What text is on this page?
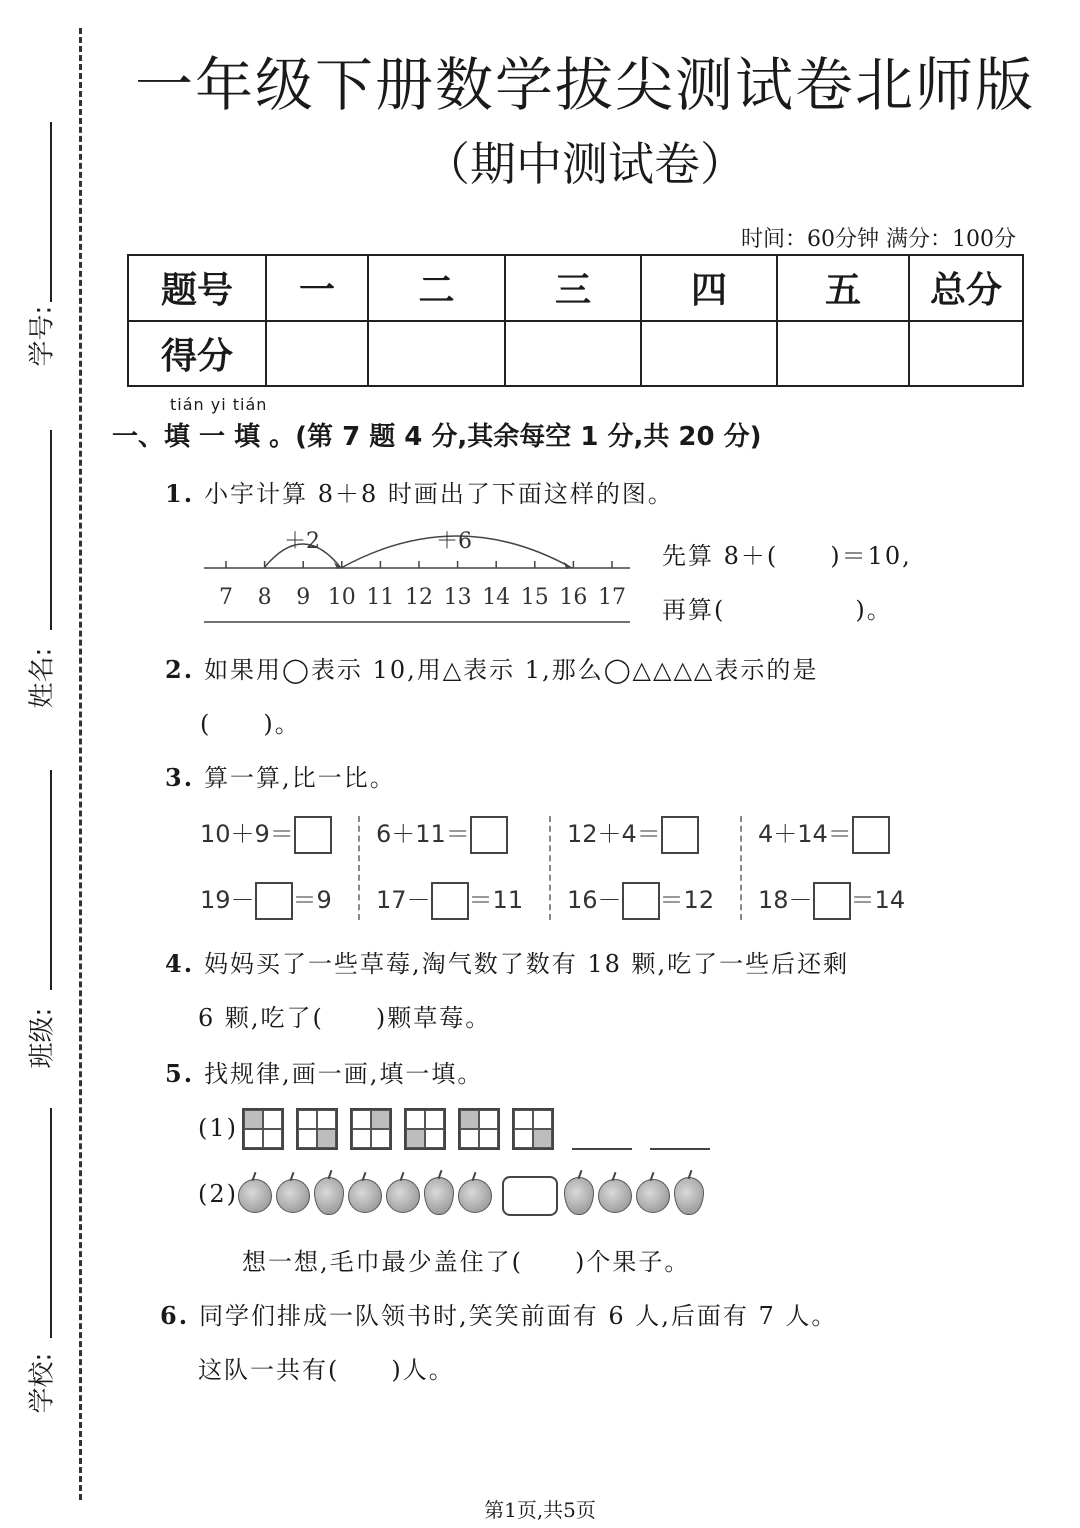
学号:
姓名:
班级:
学校:
一年级下册数学拔尖测试卷北师版
（期中测试卷）
时间：60分钟 满分：100分
题号	一	二	三	四	五	总分
得分						
tián yi tián
一、填 一 填 。(第 7 题 4 分,其余每空 1 分,共 20 分)
1. 小宇计算 8＋8 时画出了下面这样的图。
7 8 9 10 11 12 13 14 15 16 17
＋2	＋6
先算 8＋(　　)＝10,
再算(　　　　　)。
2. 如果用◯表示 10,用△表示 1,那么◯△△△△表示的是
(　　)。
3. 算一算,比一比。
10＋9＝	6＋11＝	12＋4＝	4＋14＝
19－ ＝9 17－ ＝11 16－ ＝12 18－ ＝14
4. 妈妈买了一些草莓,淘气数了数有 18 颗,吃了一些后还剩
6 颗,吃了(　　)颗草莓。
5. 找规律,画一画,填一填。
(1)
(2)
想一想,毛巾最少盖住了(　　)个果子。
6. 同学们排成一队领书时,笑笑前面有 6 人,后面有 7 人。
这队一共有(　　)人。
第1页,共5页
